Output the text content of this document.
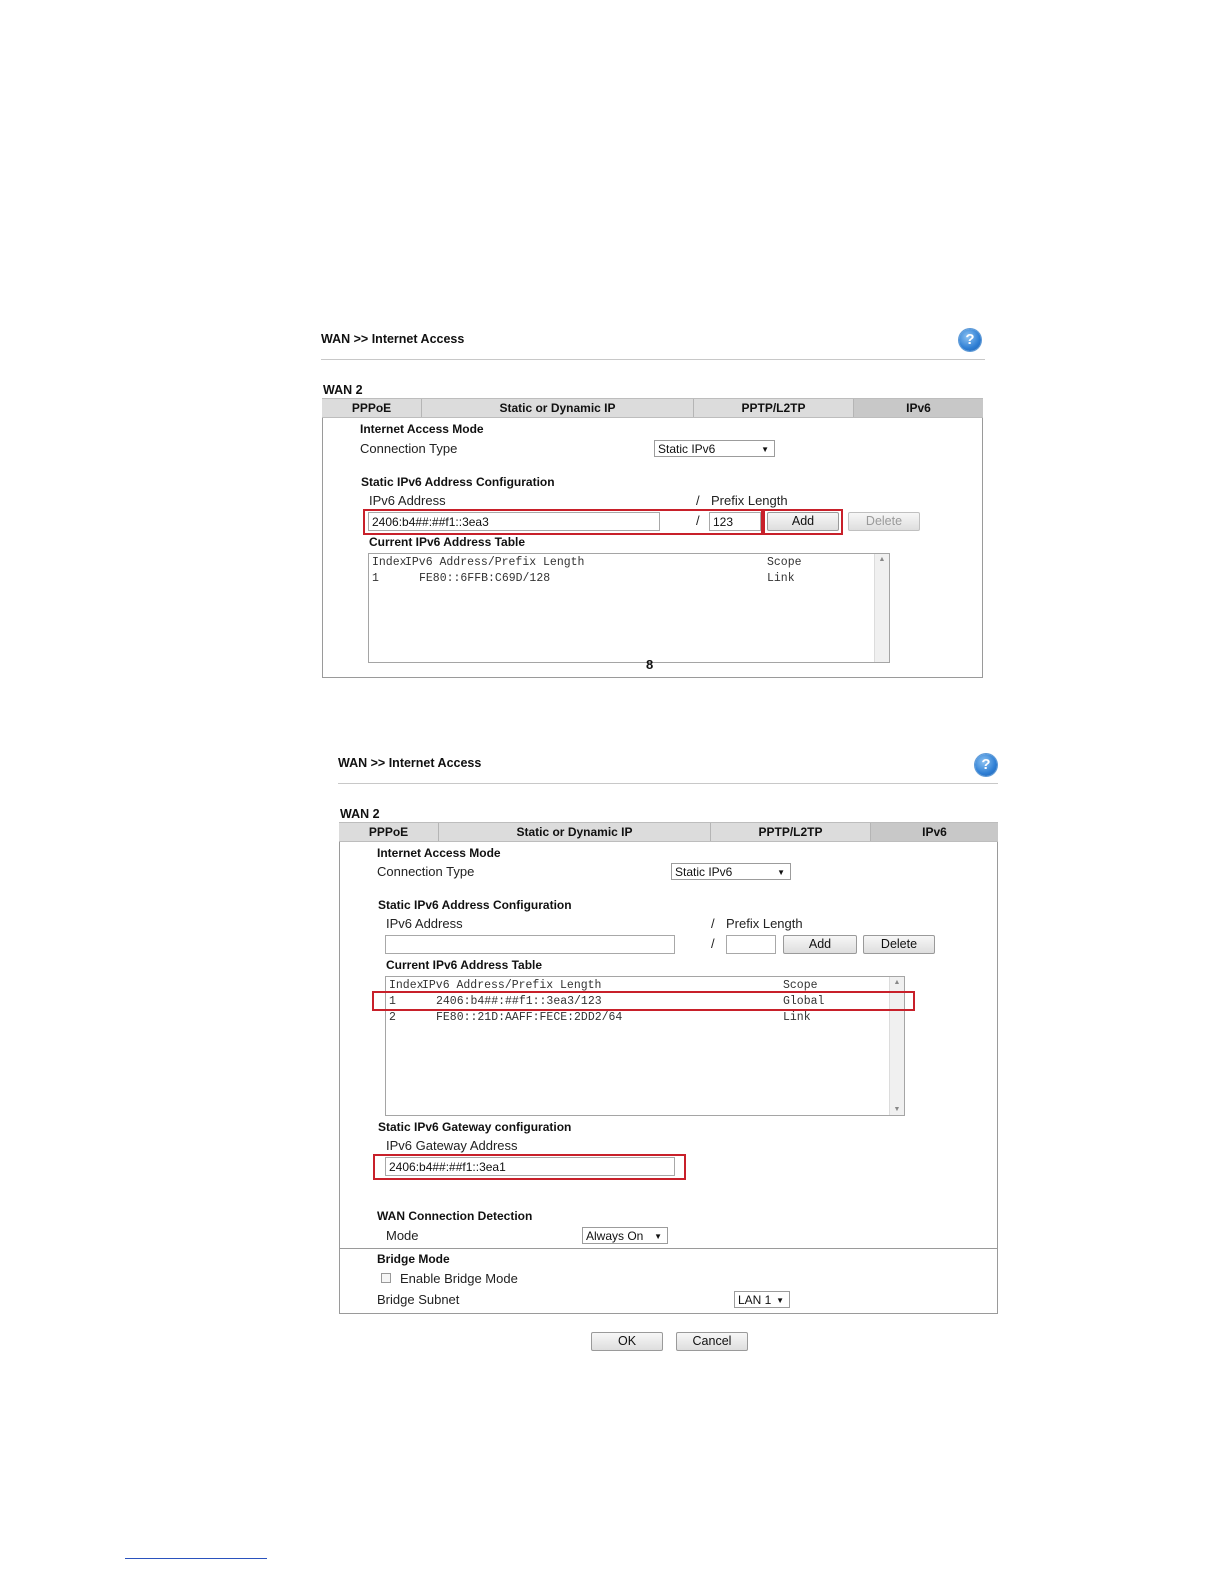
WAN >> Internet Access	?
WAN 2
PPPoE	Static or Dynamic IP	PPTP/L2TP	IPv6
Internet Access Mode
Connection Type	Static IPv6	▼
Static IPv6 Address Configuration
IPv6 Address	/ Prefix Length
2406:b4##:##f1::3ea3	/	123	Add	Delete
Current IPv6 Address Table
Index
IPv6 Address/Prefix Length	Scope
1	FE80::6FFB:C69D/128	Link
▲
8
WAN >> Internet Access	?
WAN 2
PPPoE	Static or Dynamic IP	PPTP/L2TP	IPv6
Internet Access Mode
Connection Type	Static IPv6	▼
Static IPv6 Address Configuration
IPv6 Address	/ Prefix Length
/	Add	Delete
Current IPv6 Address Table
Index
IPv6 Address/Prefix Length	Scope
1	2406:b4##:##f1::3ea3/123	Global
2	FE80::21D:AAFF:FECE:2DD2/64	Link
▲
▼
Static IPv6 Gateway configuration
IPv6 Gateway Address
2406:b4##:##f1::3ea1
WAN Connection Detection
Mode	Always On ▼
Bridge Mode
Enable Bridge Mode
Bridge Subnet	LAN 1 ▼
OK	Cancel
